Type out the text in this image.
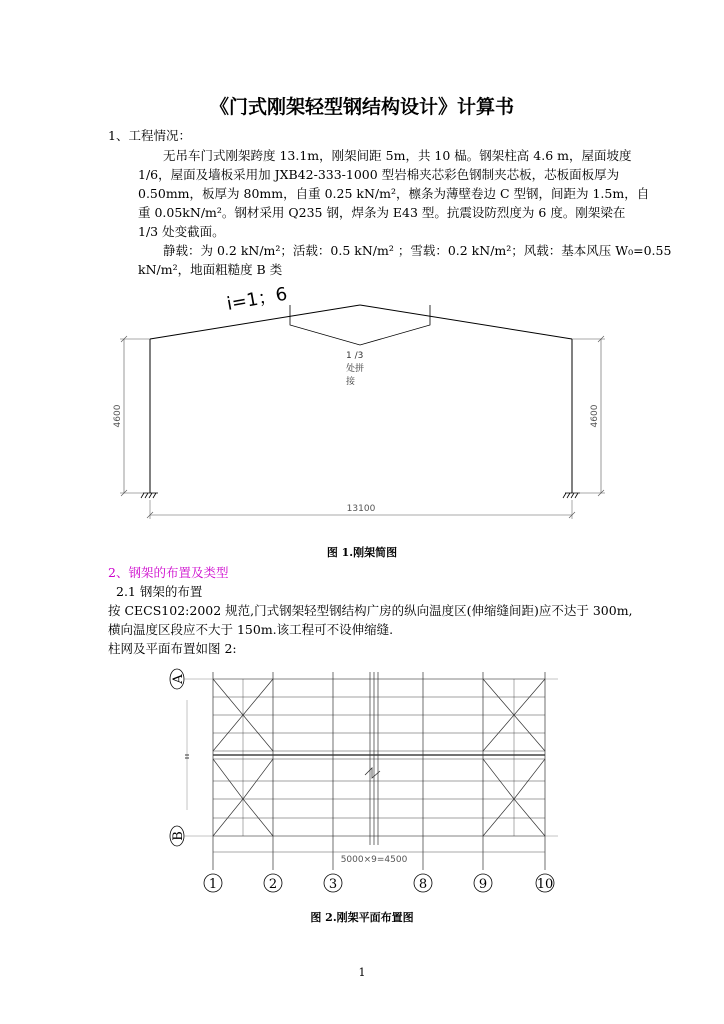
《门式刚架轻型钢结构设计》计算书
1、工程情况：
无吊车门式刚架跨度 13.1m，刚架间距 5m，共 10 榀。钢架柱高 4.6 m，屋面坡度
1/6，屋面及墙板采用加 JXB42-333-1000 型岩棉夹芯彩色钢制夹芯板，芯板面板厚为
0.50mm，板厚为 80mm，自重 0.25 kN/m²，檩条为薄壁卷边 C 型钢，间距为 1.5m，自
重 0.05kN/m²。钢材采用 Q235 钢，焊条为 E43 型。抗震设防烈度为 6 度。刚架梁在
1/3 处变截面。
静载：为 0.2 kN/m²；活载：0.5 kN/m² ；雪载：0.2 kN/m²；风载：基本风压 W₀=0.55
kN/m²，地面粗糙度 B 类
i=1；6
1 /3
处拼
接
4600	4600
13100
图 1.刚架简图
2、钢架的布置及类型
2.1 钢架的布置
按 CECS102:2002 规范,门式钢架轻型钢结构广房的纵向温度区(伸缩缝间距)应不达于 300m,
横向温度区段应不大于 150m.该工程可不设伸缩缝.
柱网及平面布置如图 2:
A
B
5000×9=4500
1	2	3	8	9	10
图 2.刚架平面布置图
1
